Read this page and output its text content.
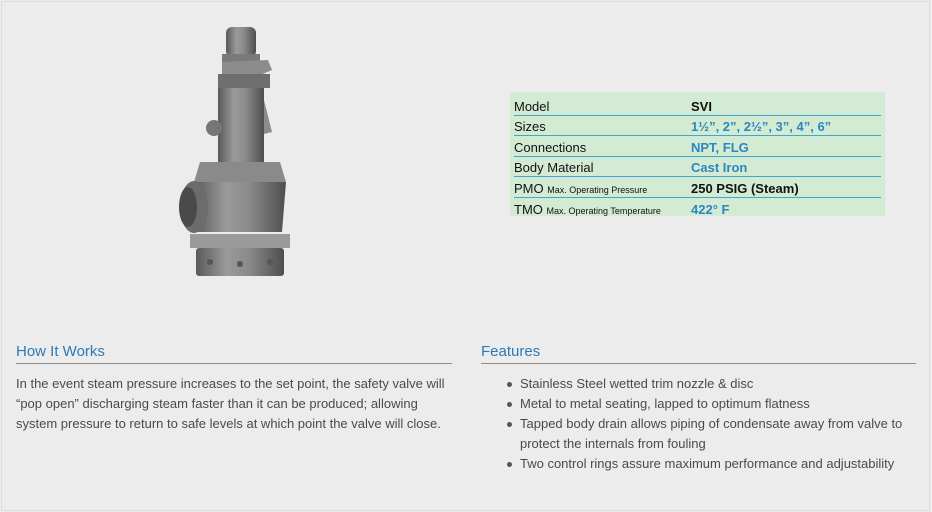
Model	SVI
Sizes	1½”, 2”, 2½”, 3”, 4”, 6”
Connections	NPT, FLG
Body Material	Cast Iron
PMO Max. Operating Pressure	250 PSIG (Steam)
TMO Max. Operating Temperature	422° F
How It Works

In the event steam pressure increases to the set point, the safety valve will “pop open” discharging steam faster than it can be produced; allowing system pressure to return to safe levels at which point the valve will close.

Features
Stainless Steel wetted trim nozzle & disc
Metal to metal seating, lapped to optimum flatness
Tapped body drain allows piping of condensate away from valve to protect the internals from fouling
Two control rings assure maximum performance and adjustability
